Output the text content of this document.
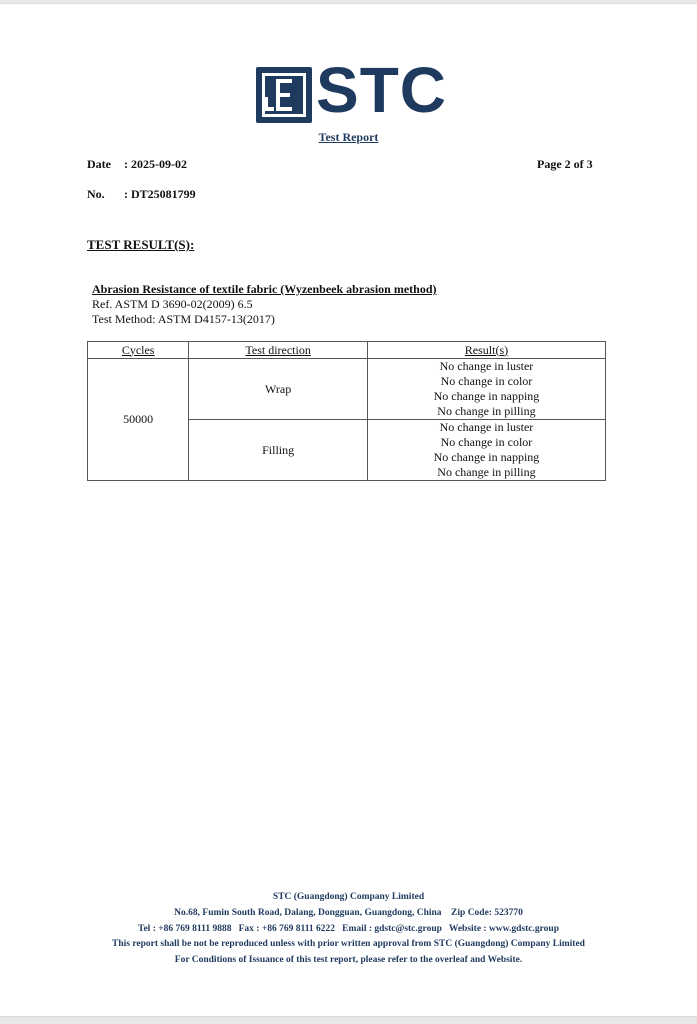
STC
Test Report
Date : 2025-09-02	Page 2 of 3
No. : DT25081799
TEST RESULT(S):
Abrasion Resistance of textile fabric (Wyzenbeek abrasion method)
Ref. ASTM D 3690-02(2009) 6.5
Test Method: ASTM D4157-13(2017)
Cycles	Test direction	Result(s)
50000	Wrap	No change in luster
No change in color
No change in napping
No change in pilling

	Filling	No change in luster
No change in color
No change in napping
No change in pilling
STC (Guangdong) Company Limited
No.68, Fumin South Road, Dalang, Dongguan, Guangdong, China    Zip Code: 523770
Tel : +86 769 8111 9888   Fax : +86 769 8111 6222   Email : gdstc@stc.group   Website : www.gdstc.group
This report shall be not be reproduced unless with prior written approval from STC (Guangdong) Company Limited
For Conditions of Issuance of this test report, please refer to the overleaf and Website.
